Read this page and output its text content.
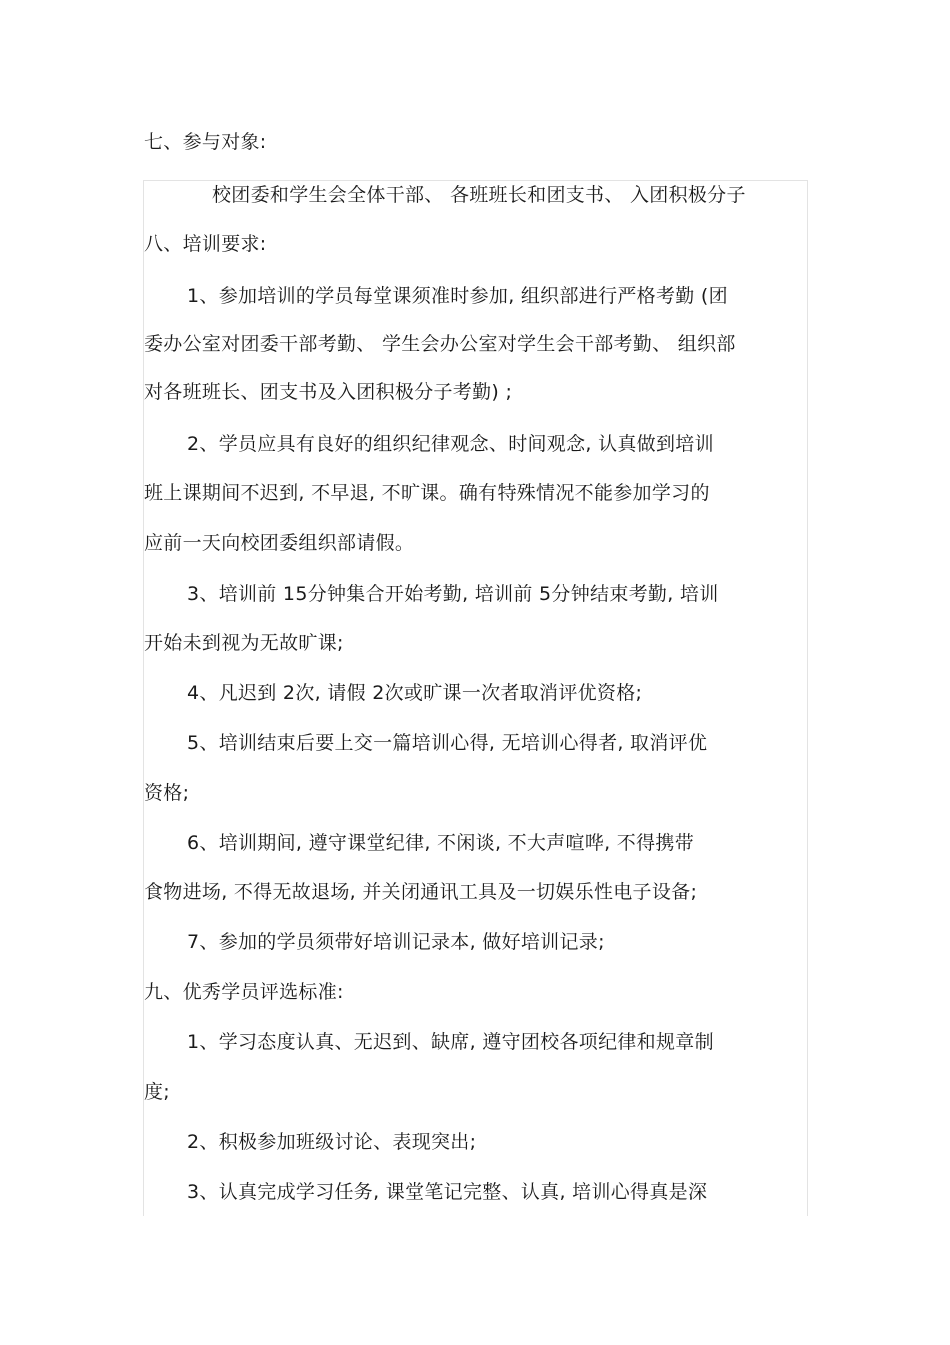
七、参与对象:
校团委和学生会全体干部、 各班班长和团支书、 入团积极分子
八、培训要求:
1、参加培训的学员每堂课须准时参加, 组织部进行严格考勤 (团
委办公室对团委干部考勤、 学生会办公室对学生会干部考勤、 组织部
对各班班长、团支书及入团积极分子考勤) ;
2、学员应具有良好的组织纪律观念、时间观念, 认真做到培训
班上课期间不迟到, 不早退, 不旷课。确有特殊情况不能参加学习的
应前一天向校团委组织部请假。
3、培训前 15分钟集合开始考勤, 培训前 5分钟结束考勤, 培训
开始未到视为无故旷课;
4、凡迟到 2次, 请假 2次或旷课一次者取消评优资格;
5、培训结束后要上交一篇培训心得, 无培训心得者, 取消评优
资格;
6、培训期间, 遵守课堂纪律, 不闲谈, 不大声喧哗, 不得携带
食物进场, 不得无故退场, 并关闭通讯工具及一切娱乐性电子设备;
7、参加的学员须带好培训记录本, 做好培训记录;
九、优秀学员评选标准:
1、学习态度认真、无迟到、缺席, 遵守团校各项纪律和规章制
度;
2、积极参加班级讨论、表现突出;
3、认真完成学习任务, 课堂笔记完整、认真, 培训心得真是深
